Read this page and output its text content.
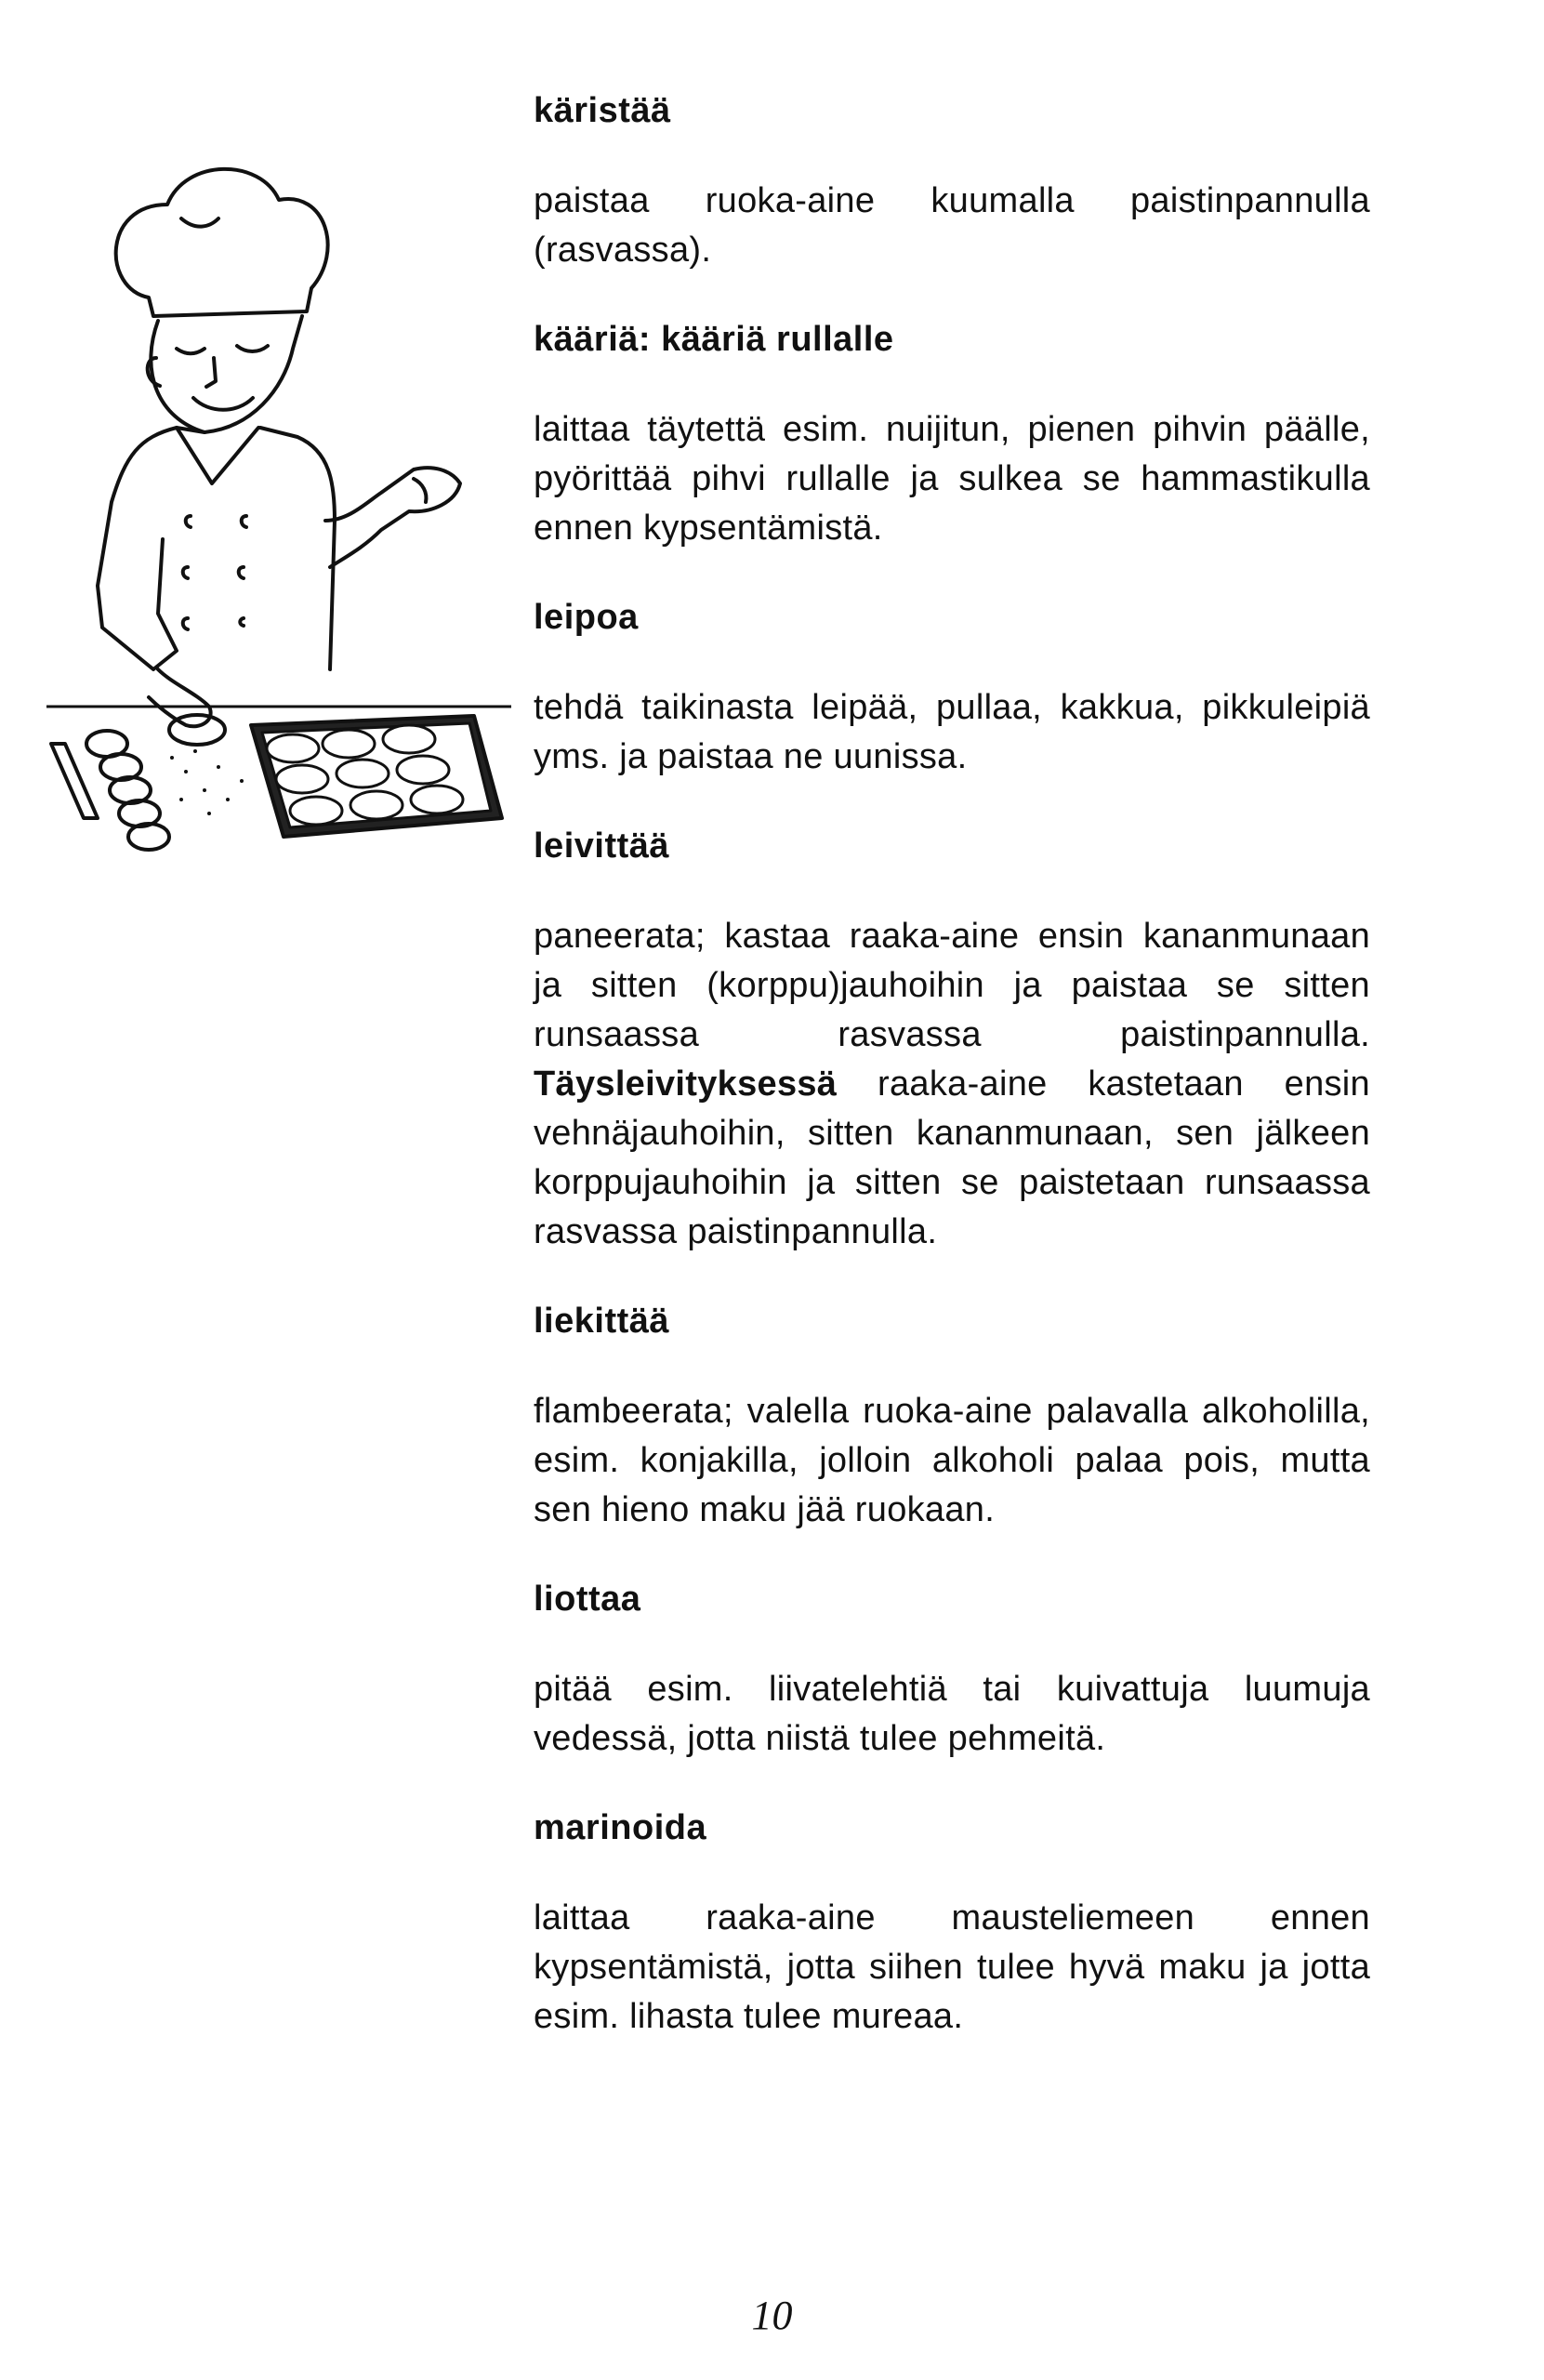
käristää

paistaa ruoka-aine kuumalla paistinpannulla (rasvassa).

kääriä: kääriä rullalle

laittaa täytettä esim. nuijitun, pienen pihvin päälle, pyörittää pihvi rullalle ja sulkea se hammastikulla ennen kypsentämistä.

leipoa

tehdä taikinasta leipää, pullaa, kakkua, pikkuleipiä yms. ja paistaa ne uunissa.

leivittää

paneerata; kastaa raaka-aine ensin kananmunaan ja sitten (korppu)jauhoihin ja paistaa se sitten runsaassa rasvassa paistinpannulla. Täysleivityksessä raaka-aine kastetaan ensin vehnäjauhoihin, sitten kananmunaan, sen jälkeen korppujauhoihin ja sitten se paistetaan runsaassa rasvassa paistinpannulla.

liekittää

flambeerata; valella ruoka-aine palavalla alkoholilla, esim. konjakilla, jolloin alkoholi palaa pois, mutta sen hieno maku jää ruokaan.

liottaa

pitää esim. liivatelehtiä tai kuivattuja luumuja vedessä, jotta niistä tulee pehmeitä.

marinoida

laittaa raaka-aine mausteliemeen ennen kypsentämistä, jotta siihen tulee hyvä maku ja jotta esim. lihasta tulee mureaa.

10
